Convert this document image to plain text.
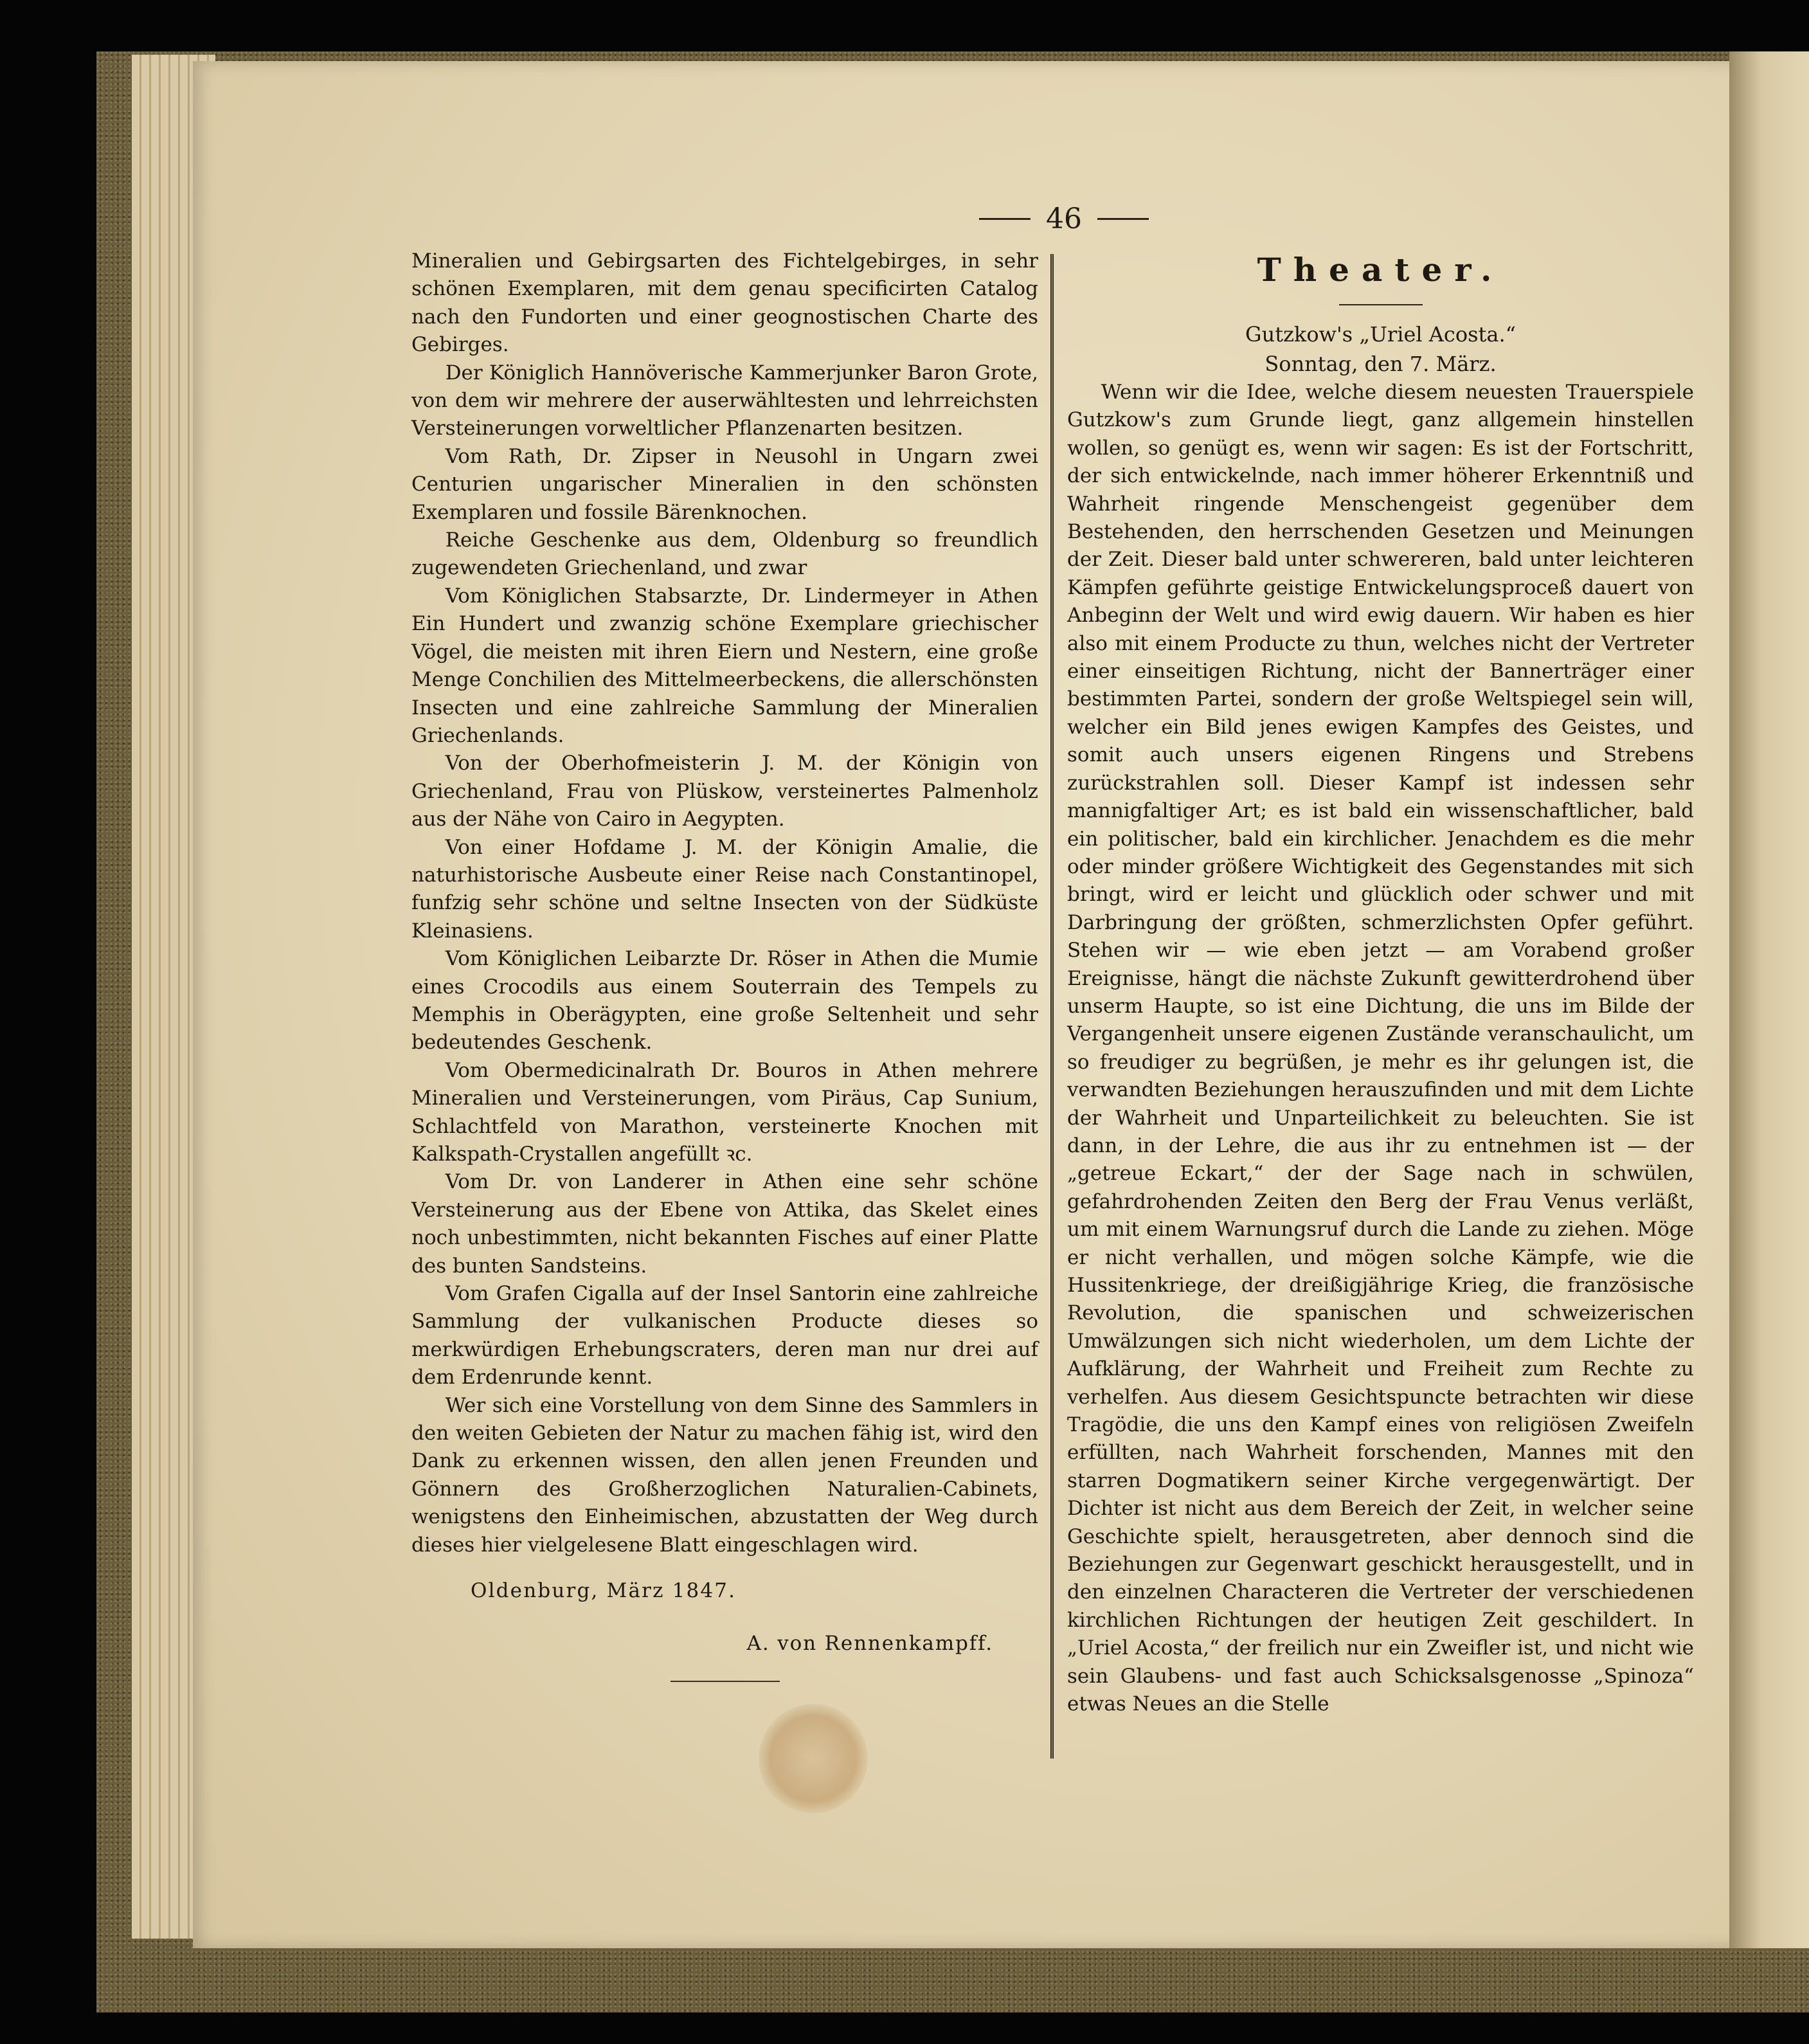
46

Mineralien und Gebirgsarten des Fichtelgebirges, in sehr schönen Exemplaren, mit dem genau specificirten Catalog nach den Fundorten und einer geognostischen Charte des Gebirges.

Der Königlich Hannöverische Kammerjunker Baron Grote, von dem wir mehrere der auserwähltesten und lehrreichsten Versteinerungen vorweltlicher Pflanzenarten besitzen.

Vom Rath, Dr. Zipser in Neusohl in Ungarn zwei Centurien ungarischer Mineralien in den schönsten Exemplaren und fossile Bärenknochen.

Reiche Geschenke aus dem, Oldenburg so freundlich zugewendeten Griechenland, und zwar

Vom Königlichen Stabsarzte, Dr. Lindermeyer in Athen Ein Hundert und zwanzig schöne Exemplare griechischer Vögel, die meisten mit ihren Eiern und Nestern, eine große Menge Conchilien des Mittelmeerbeckens, die allerschönsten Insecten und eine zahlreiche Sammlung der Mineralien Griechenlands.

Von der Oberhofmeisterin J. M. der Königin von Griechenland, Frau von Plüskow, versteinertes Palmenholz aus der Nähe von Cairo in Aegypten.

Von einer Hofdame J. M. der Königin Amalie, die naturhistorische Ausbeute einer Reise nach Constantinopel, funfzig sehr schöne und seltne Insecten von der Südküste Kleinasiens.

Vom Königlichen Leibarzte Dr. Röser in Athen die Mumie eines Crocodils aus einem Souterrain des Tempels zu Memphis in Oberägypten, eine große Seltenheit und sehr bedeutendes Geschenk.

Vom Obermedicinalrath Dr. Bouros in Athen mehrere Mineralien und Versteinerungen, vom Piräus, Cap Sunium, Schlachtfeld von Marathon, versteinerte Knochen mit Kalkspath-Crystallen angefüllt ꝛc.

Vom Dr. von Landerer in Athen eine sehr schöne Versteinerung aus der Ebene von Attika, das Skelet eines noch unbestimmten, nicht bekannten Fisches auf einer Platte des bunten Sandsteins.

Vom Grafen Cigalla auf der Insel Santorin eine zahlreiche Sammlung der vulkanischen Producte dieses so merkwürdigen Erhebungscraters, deren man nur drei auf dem Erdenrunde kennt.

Wer sich eine Vorstellung von dem Sinne des Sammlers in den weiten Gebieten der Natur zu machen fähig ist, wird den Dank zu erkennen wissen, den allen jenen Freunden und Gönnern des Großherzoglichen Naturalien-Cabinets, wenigstens den Einheimischen, abzustatten der Weg durch dieses hier vielgelesene Blatt eingeschlagen wird.

Oldenburg, März 1847.

A. von Rennenkampff.

Theater.

Gutzkow's „Uriel Acosta.“

Sonntag, den 7. März.

Wenn wir die Idee, welche diesem neuesten Trauerspiele Gutzkow's zum Grunde liegt, ganz allgemein hinstellen wollen, so genügt es, wenn wir sagen: Es ist der Fortschritt, der sich entwickelnde, nach immer höherer Erkenntniß und Wahrheit ringende Menschengeist gegenüber dem Bestehenden, den herrschenden Gesetzen und Meinungen der Zeit. Dieser bald unter schwereren, bald unter leichteren Kämpfen geführte geistige Entwickelungsproceß dauert von Anbeginn der Welt und wird ewig dauern. Wir haben es hier also mit einem Producte zu thun, welches nicht der Vertreter einer einseitigen Richtung, nicht der Bannerträger einer bestimmten Partei, sondern der große Weltspiegel sein will, welcher ein Bild jenes ewigen Kampfes des Geistes, und somit auch unsers eigenen Ringens und Strebens zurückstrahlen soll. Dieser Kampf ist indessen sehr mannigfaltiger Art; es ist bald ein wissenschaftlicher, bald ein politischer, bald ein kirchlicher. Jenachdem es die mehr oder minder größere Wichtigkeit des Gegenstandes mit sich bringt, wird er leicht und glücklich oder schwer und mit Darbringung der größten, schmerzlichsten Opfer geführt. Stehen wir — wie eben jetzt — am Vorabend großer Ereignisse, hängt die nächste Zukunft gewitterdrohend über unserm Haupte, so ist eine Dichtung, die uns im Bilde der Vergangenheit unsere eigenen Zustände veranschaulicht, um so freudiger zu begrüßen, je mehr es ihr gelungen ist, die verwandten Beziehungen herauszufinden und mit dem Lichte der Wahrheit und Unparteilichkeit zu beleuchten. Sie ist dann, in der Lehre, die aus ihr zu entnehmen ist — der „getreue Eckart,“ der der Sage nach in schwülen, gefahrdrohenden Zeiten den Berg der Frau Venus verläßt, um mit einem Warnungsruf durch die Lande zu ziehen. Möge er nicht verhallen, und mögen solche Kämpfe, wie die Hussitenkriege, der dreißigjährige Krieg, die französische Revolution, die spanischen und schweizerischen Umwälzungen sich nicht wiederholen, um dem Lichte der Aufklärung, der Wahrheit und Freiheit zum Rechte zu verhelfen. Aus diesem Gesichtspuncte betrachten wir diese Tragödie, die uns den Kampf eines von religiösen Zweifeln erfüllten, nach Wahrheit forschenden, Mannes mit den starren Dogmatikern seiner Kirche vergegenwärtigt. Der Dichter ist nicht aus dem Bereich der Zeit, in welcher seine Geschichte spielt, herausgetreten, aber dennoch sind die Beziehungen zur Gegenwart geschickt herausgestellt, und in den einzelnen Characteren die Vertreter der verschiedenen kirchlichen Richtungen der heutigen Zeit geschildert. In „Uriel Acosta,“ der freilich nur ein Zweifler ist, und nicht wie sein Glaubens- und fast auch Schicksalsgenosse „Spinoza“ etwas Neues an die Stelle
